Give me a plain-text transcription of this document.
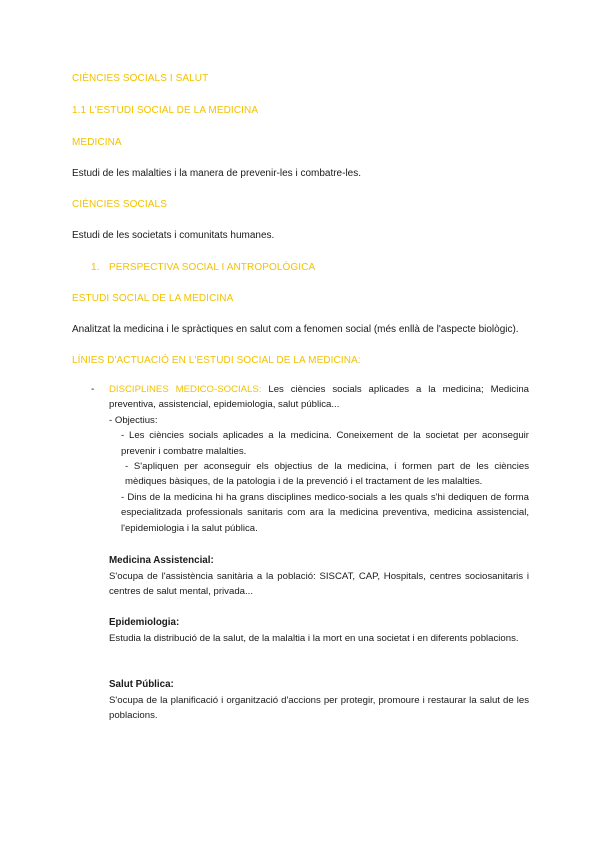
CIÈNCIES SOCIALS I SALUT
1.1 L'ESTUDI SOCIAL DE LA MEDICINA
MEDICINA
Estudi de les malalties i la manera de prevenir-les i combatre-les.
CIÈNCIES SOCIALS
Estudi de les societats i comunitats humanes.
1. PERSPECTIVA SOCIAL I ANTROPOLÒGICA
ESTUDI SOCIAL DE LA MEDICINA
Analitzat la medicina i le spràctiques en salut com a fenomen social (més enllà de l'aspecte biològic).
LÍNIES D'ACTUACIÓ EN L'ESTUDI SOCIAL DE LA MEDICINA:
- DISCIPLINES MEDICO-SOCIALS: Les ciències socials aplicades a la medicina; Medicina preventiva, assistencial, epidemiologia, salut pública...
- Objectius:
- Les ciències socials aplicades a la medicina. Coneixement de la societat per aconseguir prevenir i combatre malalties.
- S'apliquen per aconseguir els objectius de la medicina, i formen part de les ciències mèdiques bàsiques, de la patologia i de la prevenció i el tractament de les malalties.
- Dins de la medicina hi ha grans disciplines medico-socials a les quals s'hi dediquen de forma especialitzada professionals sanitaris com ara la medicina preventiva, medicina assistencial, l'epidemiologia i la salut pública.
Medicina Assistencial:
S'ocupa de l'assistència sanitària a la població: SISCAT, CAP, Hospitals, centres sociosanitaris i centres de salut mental, privada...
Epidemiologia:
Estudia la distribució de la salut, de la malaltia i la mort en una societat i en diferents poblacions.
Salut Pública:
S'ocupa de la planificació i organització d'accions per protegir, promoure i restaurar la salut de les poblacions.
